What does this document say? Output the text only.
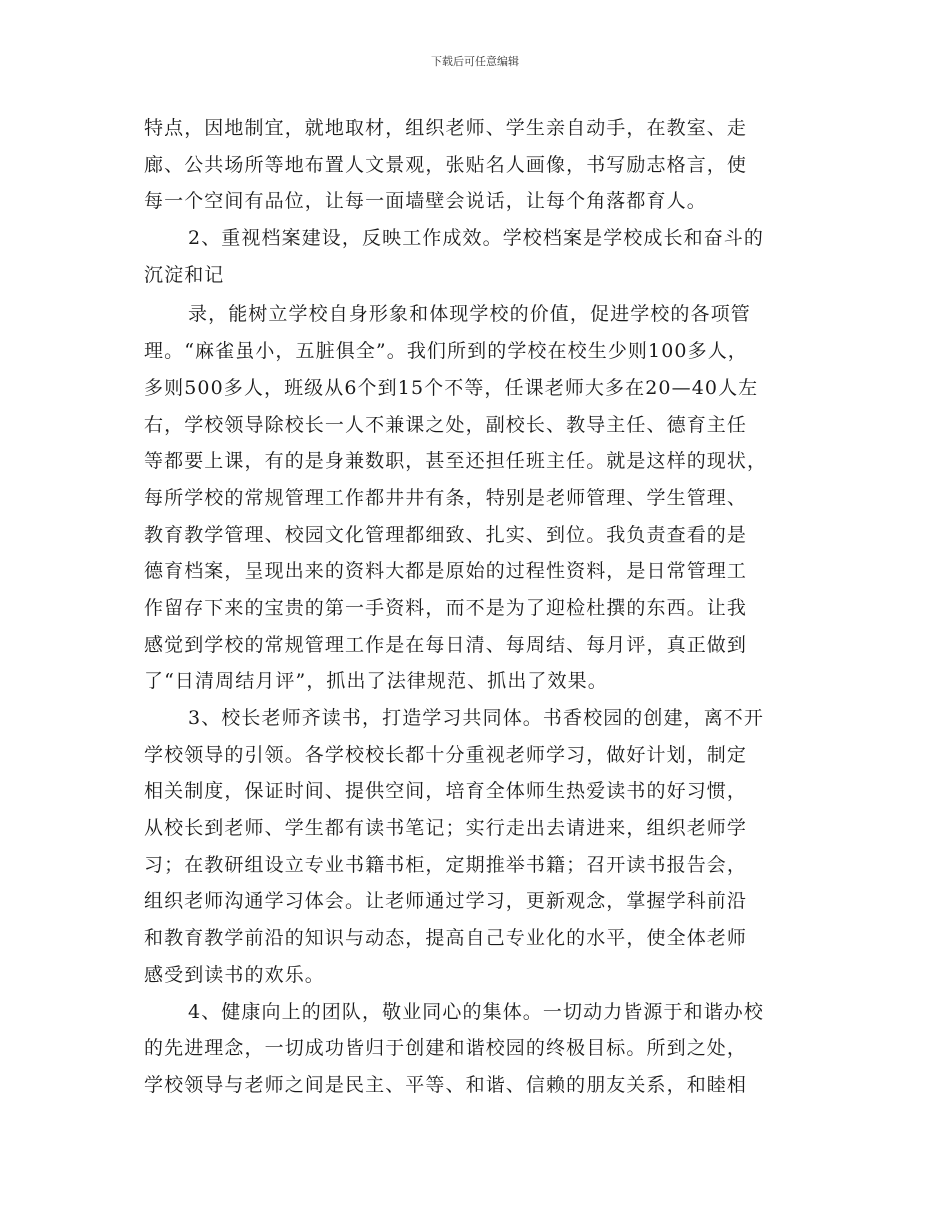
下载后可任意编辑
特点，因地制宜，就地取材，组织老师、学生亲自动手，在教室、走
廊、公共场所等地布置人文景观，张贴名人画像，书写励志格言，使
每一个空间有品位，让每一面墙壁会说话，让每个角落都育人。
2、重视档案建设，反映工作成效。学校档案是学校成长和奋斗的
沉淀和记
录，能树立学校自身形象和体现学校的价值，促进学校的各项管
理。“麻雀虽小，五脏俱全”。我们所到的学校在校生少则100多人，
多则500多人，班级从6个到15个不等，任课老师大多在20—40人左
右，学校领导除校长一人不兼课之处，副校长、教导主任、德育主任
等都要上课，有的是身兼数职，甚至还担任班主任。就是这样的现状，
每所学校的常规管理工作都井井有条，特别是老师管理、学生管理、
教育教学管理、校园文化管理都细致、扎实、到位。我负责查看的是
德育档案，呈现出来的资料大都是原始的过程性资料，是日常管理工
作留存下来的宝贵的第一手资料，而不是为了迎检杜撰的东西。让我
感觉到学校的常规管理工作是在每日清、每周结、每月评，真正做到
了“日清周结月评”，抓出了法律规范、抓出了效果。
3、校长老师齐读书，打造学习共同体。书香校园的创建，离不开
学校领导的引领。各学校校长都十分重视老师学习，做好计划，制定
相关制度，保证时间、提供空间，培育全体师生热爱读书的好习惯，
从校长到老师、学生都有读书笔记；实行走出去请进来，组织老师学
习；在教研组设立专业书籍书柜，定期推举书籍；召开读书报告会，
组织老师沟通学习体会。让老师通过学习，更新观念，掌握学科前沿
和教育教学前沿的知识与动态，提高自己专业化的水平，使全体老师
感受到读书的欢乐。
4、健康向上的团队，敬业同心的集体。一切动力皆源于和谐办校
的先进理念，一切成功皆归于创建和谐校园的终极目标。所到之处，
学校领导与老师之间是民主、平等、和谐、信赖的朋友关系，和睦相
